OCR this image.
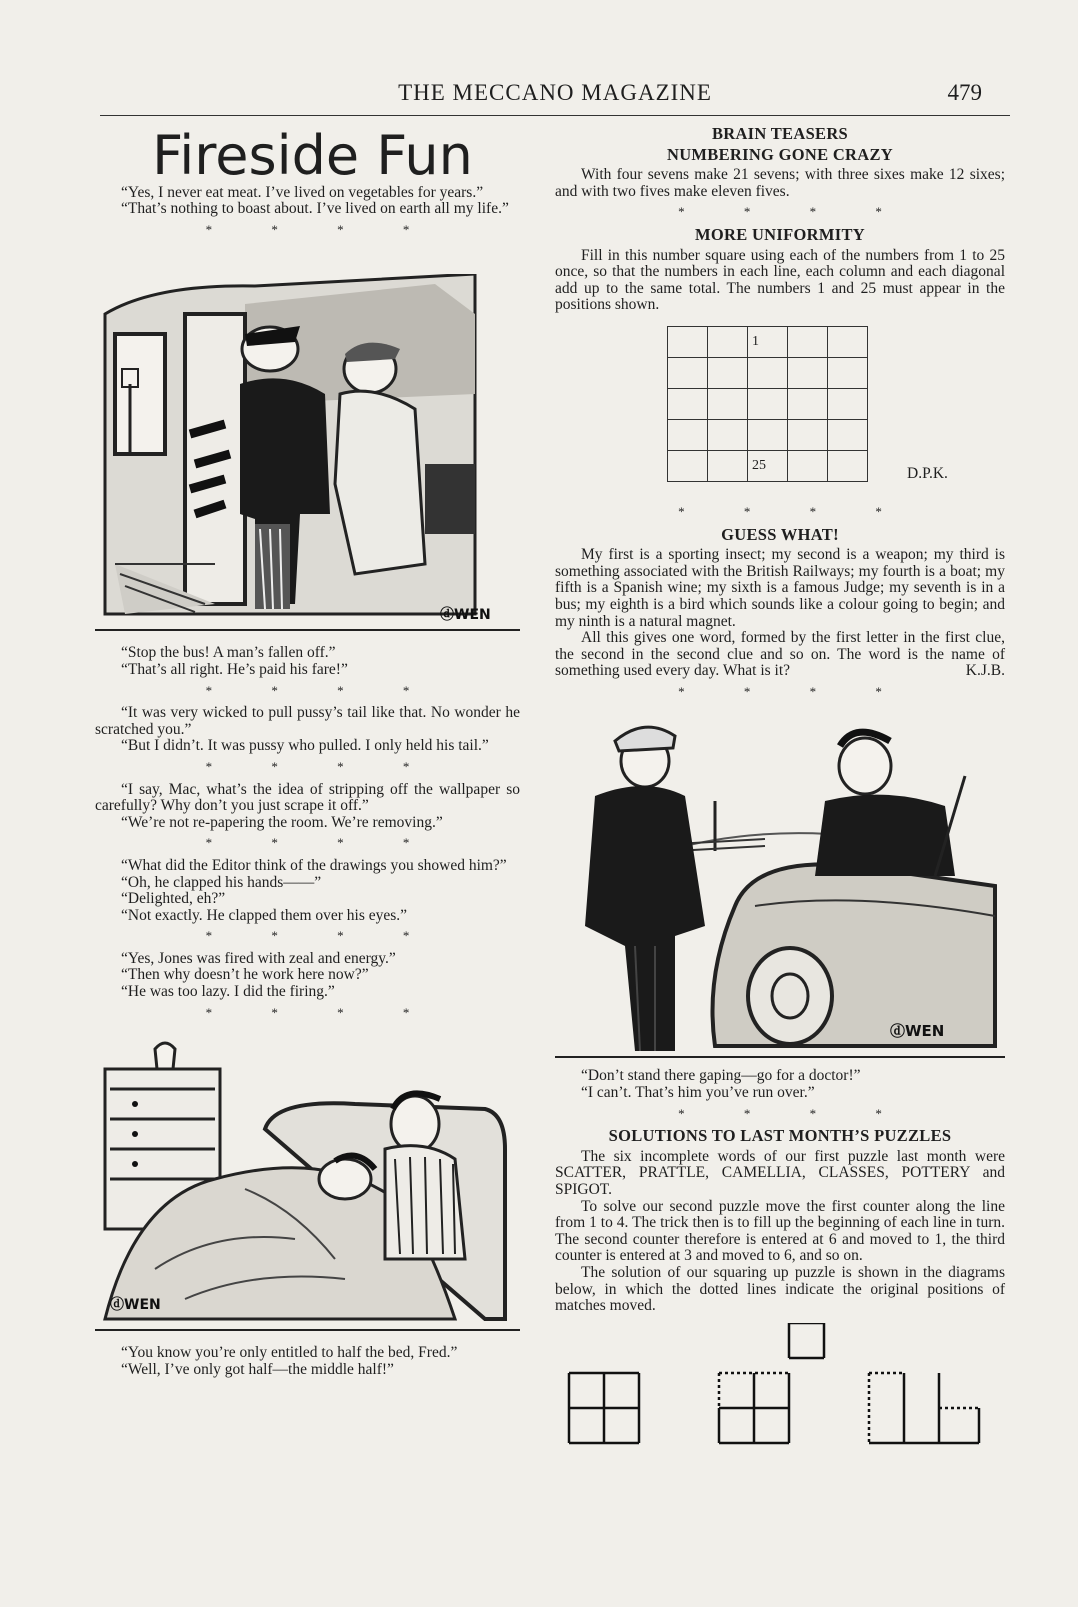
THE MECCANO MAGAZINE	479
Fireside Fun

“Yes, I never eat meat. I’ve lived on vegetables for years.”

“That’s nothing to boast about. I’ve lived on earth all my life.”

* * * *
ⓓWEN

“Stop the bus! A man’s fallen off.”

“That’s all right. He’s paid his fare!”

* * * *

“It was very wicked to pull pussy’s tail like that. No wonder he scratched you.”

“But I didn’t. It was pussy who pulled. I only held his tail.”

* * * *

“I say, Mac, what’s the idea of stripping off the wallpaper so carefully? Why don’t you just scrape it off.”

“We’re not re-papering the room. We’re removing.”

* * * *

“What did the Editor think of the drawings you showed him?”

“Oh, he clapped his hands——”

“Delighted, eh?”

“Not exactly. He clapped them over his eyes.”

* * * *

“Yes, Jones was fired with zeal and energy.”

“Then why doesn’t he work here now?”

“He was too lazy. I did the firing.”

* * * *
ⓓWEN

“You know you’re only entitled to half the bed, Fred.”

“Well, I’ve only got half—the middle half!”

BRAIN TEASERS
NUMBERING GONE CRAZY

With four sevens make 21 sevens; with three sixes make 12 sixes; and with two fives make eleven fives.

* * * *
MORE UNIFORMITY

Fill in this number square using each of the numbers from 1 to 25 once, so that the numbers in each line, each column and each diagonal add up to the same total. The numbers 1 and 25 must appear in the positions shown.

		1		

		25			D.P.K.
* * * *
GUESS WHAT!

My first is a sporting insect; my second is a weapon; my third is something associated with the British Railways; my fourth is a boat; my fifth is a Spanish wine; my sixth is a famous Judge; my seventh is in a bus; my eighth is a bird which sounds like a colour going to begin; and my ninth is a natural magnet.

All this gives one word, formed by the first letter in the first clue, the second in the second clue and so on. The word is the name of something used every day. What is it?	K.J.B.

* * * *
ⓓWEN

“Don’t stand there gaping—go for a doctor!”

“I can’t. That’s him you’ve run over.”

* * * *
SOLUTIONS TO LAST MONTH’S PUZZLES

The six incomplete words of our first puzzle last month were SCATTER, PRATTLE, CAMELLIA, CLASSES, POTTERY and SPIGOT.

To solve our second puzzle move the first counter along the line from 1 to 4. The trick then is to fill up the beginning of each line in turn. The second counter therefore is entered at 6 and moved to 1, the third counter is entered at 3 and moved to 6, and so on.

The solution of our squaring up puzzle is shown in the diagrams below, in which the dotted lines indicate the original positions of matches moved.
